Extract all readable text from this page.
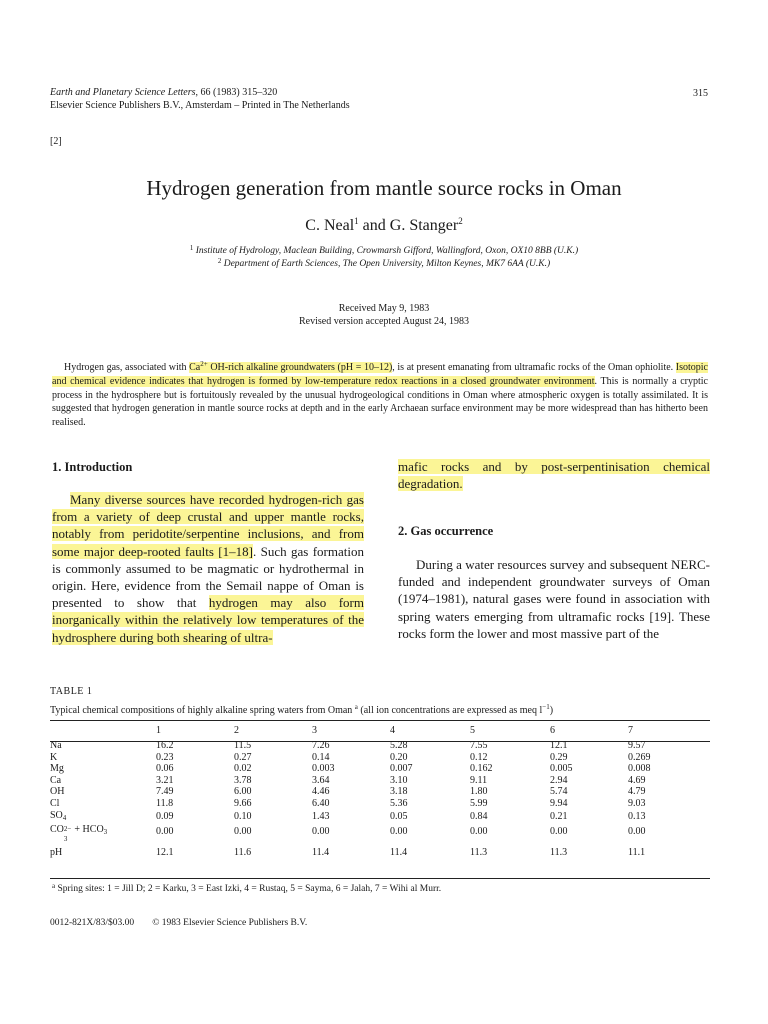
Earth and Planetary Science Letters, 66 (1983) 315–320
Elsevier Science Publishers B.V., Amsterdam – Printed in The Netherlands
315
[2]
Hydrogen generation from mantle source rocks in Oman
C. Neal$^1$ and G. Stanger$^2$
$^1$ Institute of Hydrology, Maclean Building, Crowmarsh Gifford, Wallingford, Oxon, OX10 8BB (U.K.)
$^2$ Department of Earth Sciences, The Open University, Milton Keynes, MK7 6AA (U.K.)
Received May 9, 1983
Revised version accepted August 24, 1983
Hydrogen gas, associated with $Ca^{2+}$ OH-rich alkaline groundwaters (pH = 10–12), is at present emanating from ultramafic rocks of the Oman ophiolite. Isotopic and chemical evidence indicates that hydrogen is formed by low-temperature redox reactions in a closed groundwater environment. This is normally a cryptic process in the hydrosphere but is fortuitously revealed by the unusual hydrogeological conditions in Oman where atmospheric oxygen is totally assimilated. It is suggested that hydrogen generation in mantle source rocks at depth and in the early Archaean surface environment may be more widespread than has hitherto been realised.
1. Introduction

Many diverse sources have recorded hydrogen-rich gas from a variety of deep crustal and upper mantle rocks, notably from peridotite/serpentine inclusions, and from some major deep-rooted faults [1–18]. Such gas formation is commonly assumed to be magmatic or hydrothermal in origin. Here, evidence from the Semail nappe of Oman is presented to show that hydrogen may also form inorganically within the relatively low temperatures of the hydrosphere during both shearing of ultra-

mafic rocks and by post-serpentinisation chemical degradation.
2. Gas occurrence

During a water resources survey and subsequent NERC-funded and independent groundwater surveys of Oman (1974–1981), natural gases were found in association with spring waters emerging from ultramafic rocks [19]. These rocks form the lower and most massive part of the

TABLE 1
Typical chemical compositions of highly alkaline spring waters from Oman $^a$ (all ion concentrations are expressed as meq $l^{-1}$)
	1	2	3	4	5	6	7
Na	16.2	11.5	7.26	5.28	7.55	12.1	9.57
K	0.23	0.27	0.14	0.20	0.12	0.29	0.269
Mg	0.06	0.02	0.003	0.007	0.162	0.005	0.008
Ca	3.21	3.78	3.64	3.10	9.11	2.94	4.69
OH	7.49	6.00	4.46	3.18	1.80	5.74	4.79
Cl	11.8	9.66	6.40	5.36	5.99	9.94	9.03
$SO_4$	0.09	0.10	1.43	0.05	0.84	0.21	0.13
CO 2−
3
+ $HCO_3$	0.00	0.00	0.00	0.00	0.00	0.00	0.00
pH	12.1	11.6	11.4	11.4	11.3	11.3	11.1
$^a$ Spring sites: 1 = Jill D; 2 = Karku, 3 = East Izki, 4 = Rustaq, 5 = Sayma, 6 = Jalah, 7 = Wihi al Murr.
0012-821X/83/$03.00 © 1983 Elsevier Science Publishers B.V.
